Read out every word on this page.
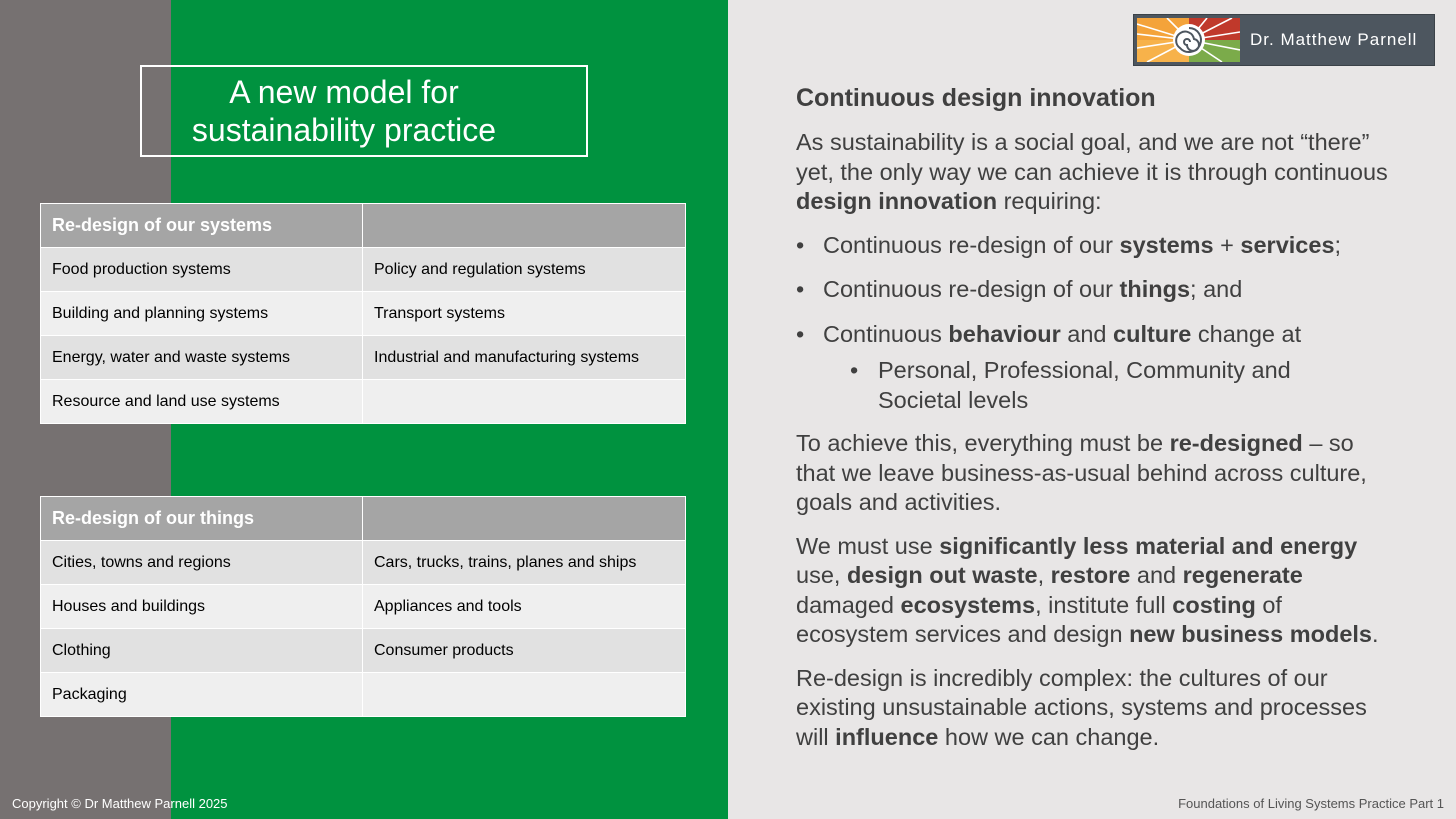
A new model for
sustainability practice
Re-design of our systems	
Food production systems	Policy and regulation systems
Building and planning systems	Transport systems
Energy, water and waste systems	Industrial and manufacturing systems
Resource and land use systems	
Re-design of our things	
Cities, towns and regions	Cars, trucks, trains, planes and ships
Houses and buildings	Appliances and tools
Clothing	Consumer products
Packaging	
Dr. Matthew Parnell
Continuous design innovation

As sustainability is a social goal, and we are not “there” yet, the only way we can achieve it is through continuous design innovation requiring:

• Continuous re-design of our systems + services;
• Continuous re-design of our things; and
• Continuous behaviour and culture change at
• Personal, Professional, Community and Societal levels

To achieve this, everything must be re-designed – so that we leave business-as-usual behind across culture, goals and activities.

We must use significantly less material and energy use, design out waste, restore and regenerate damaged ecosystems, institute full costing of ecosystem services and design new business models.

Re-design is incredibly complex: the cultures of our existing unsustainable actions, systems and processes will influence how we can change.

Copyright © Dr Matthew Parnell 2025	Foundations of Living Systems Practice Part 1
